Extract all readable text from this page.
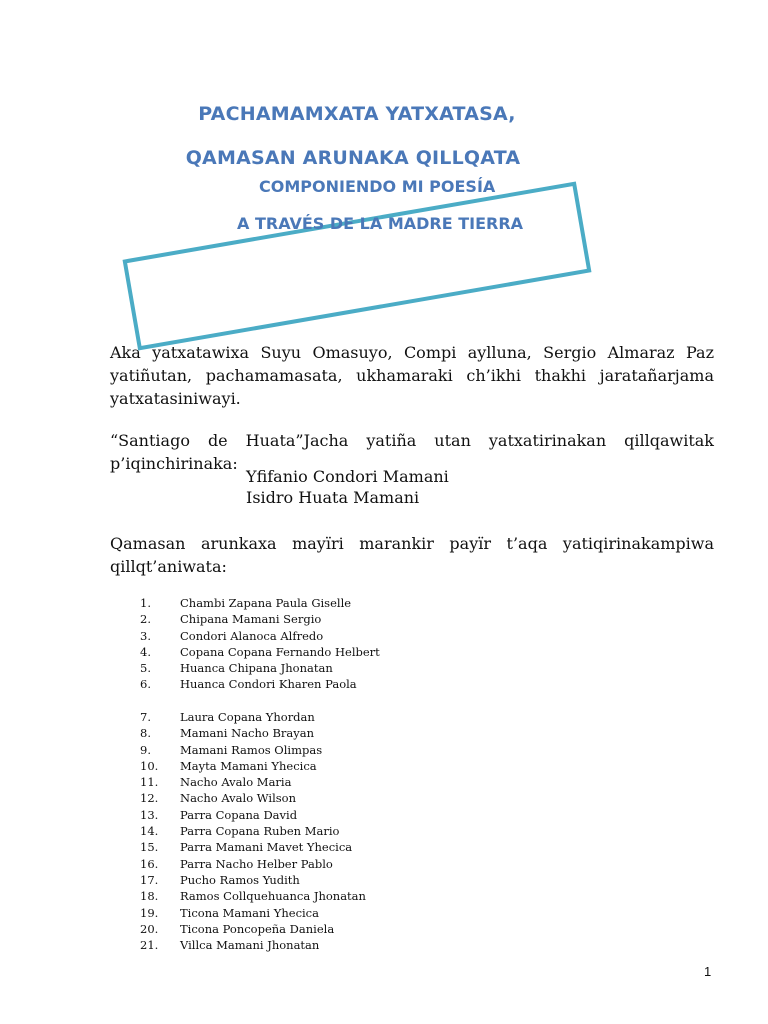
PACHAMAMXATA YATXATASA,
QAMASAN ARUNAKA QILLQATA
COMPONIENDO MI POESÍA
A TRAVÉS DE LA MADRE TIERRA
Aka yatxatawixa Suyu Omasuyo, Compi aylluna, Sergio Almaraz Paz yatiñutan, pachamamasata, ukhamaraki ch’ikhi thakhi jaratañarjama yatxatasiniwayi.
“Santiago de Huata”Jacha yatiña utan yatxatirinakan qillqawitak p’iqinchirinaka:
Yfifanio Condori Mamani
Isidro Huata Mamani
Qamasan arunkaxa mayïri marankir payïr t’aqa yatiqirinakampiwa qillqt’aniwata:
1.	Chambi Zapana Paula Giselle
2.	Chipana Mamani Sergio
3.	Condori Alanoca Alfredo
4.	Copana Copana Fernando Helbert
5.	Huanca Chipana Jhonatan
6.	Huanca Condori Kharen Paola
7.	Laura Copana Yhordan
8.	Mamani Nacho Brayan
9.	Mamani Ramos Olimpas
10. Mayta Mamani Yhecica
11. Nacho Avalo Maria
12. Nacho Avalo Wilson
13. Parra Copana David
14. Parra Copana Ruben Mario
15. Parra Mamani Mavet Yhecica
16. Parra Nacho Helber Pablo
17. Pucho Ramos Yudith
18. Ramos Collquehuanca Jhonatan
19. Ticona Mamani Yhecica
20. Ticona Poncopeña Daniela
21. Villca Mamani Jhonatan
1
